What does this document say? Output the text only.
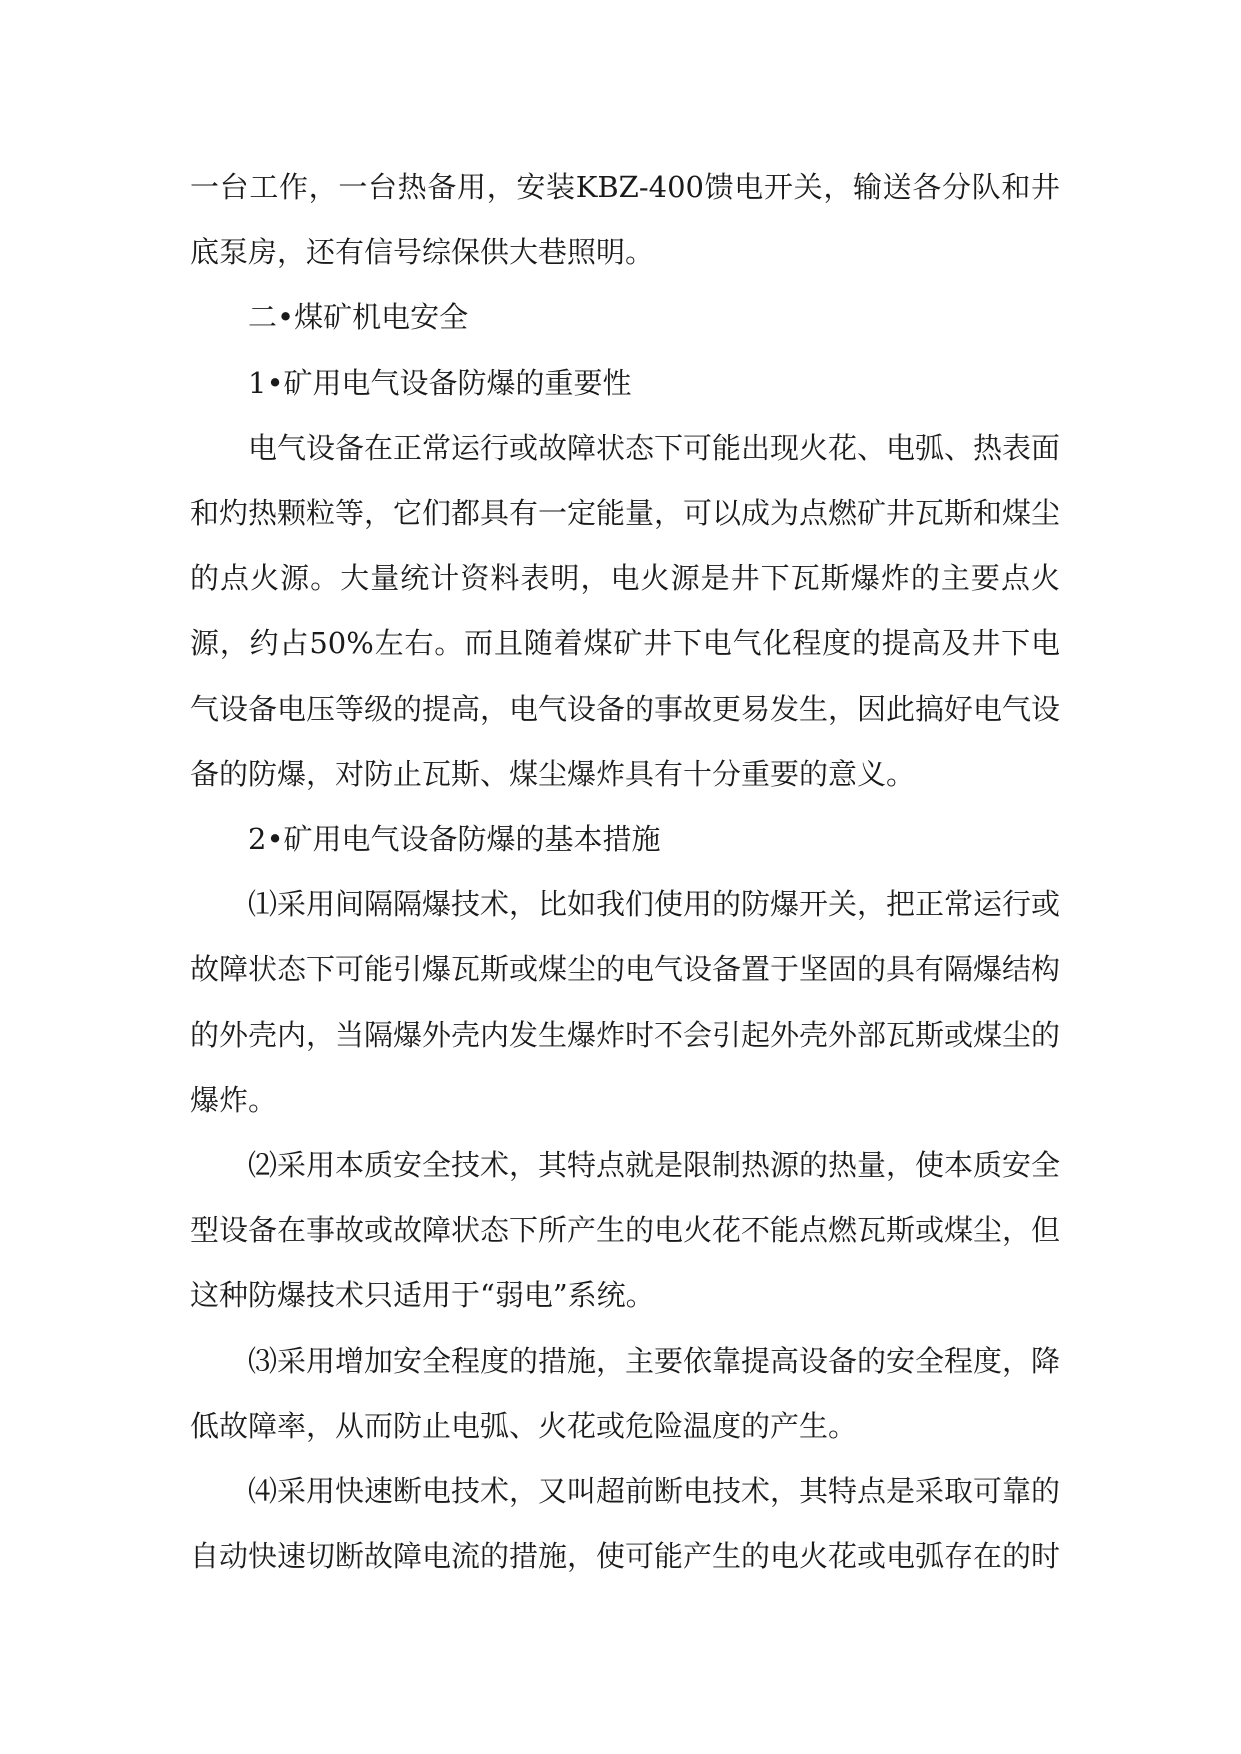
一台工作，一台热备用，安装KBZ-400馈电开关，输送各分队和井底泵房，还有信号综保供大巷照明。

二•煤矿机电安全

1•矿用电气设备防爆的重要性

电气设备在正常运行或故障状态下可能出现火花、电弧、热表面和灼热颗粒等，它们都具有一定能量，可以成为点燃矿井瓦斯和煤尘的点火源。大量统计资料表明，电火源是井下瓦斯爆炸的主要点火源，约占50%左右。而且随着煤矿井下电气化程度的提高及井下电气设备电压等级的提高，电气设备的事故更易发生，因此搞好电气设备的防爆，对防止瓦斯、煤尘爆炸具有十分重要的意义。

2•矿用电气设备防爆的基本措施

⑴采用间隔隔爆技术，比如我们使用的防爆开关，把正常运行或故障状态下可能引爆瓦斯或煤尘的电气设备置于坚固的具有隔爆结构的外壳内，当隔爆外壳内发生爆炸时不会引起外壳外部瓦斯或煤尘的爆炸。

⑵采用本质安全技术，其特点就是限制热源的热量，使本质安全型设备在事故或故障状态下所产生的电火花不能点燃瓦斯或煤尘，但这种防爆技术只适用于“弱电”系统。

⑶采用增加安全程度的措施，主要依靠提高设备的安全程度，降低故障率，从而防止电弧、火花或危险温度的产生。

⑷采用快速断电技术，又叫超前断电技术，其特点是采取可靠的自动快速切断故障电流的措施，使可能产生的电火花或电弧存在的时
